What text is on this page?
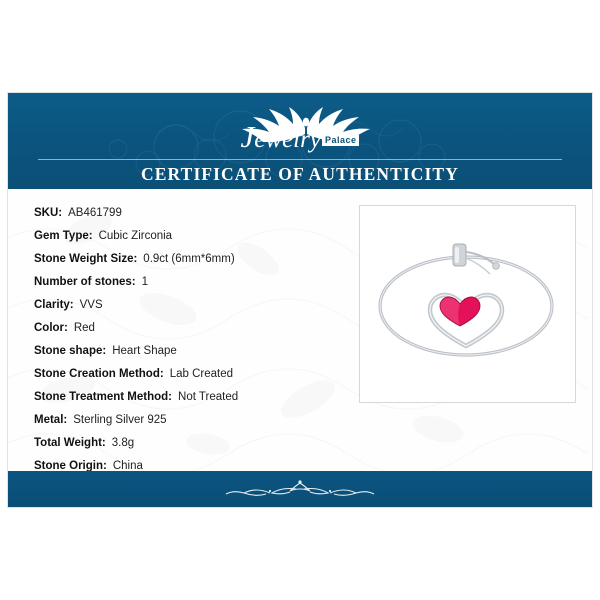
Jewelry Palace
CERTIFICATE OF AUTHENTICITY
SKU: AB461799
Gem Type: Cubic Zirconia
Stone Weight Size: 0.9ct (6mm*6mm)
Number of stones: 1
Clarity: VVS
Color: Red
Stone shape: Heart Shape
Stone Creation Method: Lab Created
Stone Treatment Method: Not Treated
Metal: Sterling Silver 925
Total Weight: 3.8g
Stone Origin: China
